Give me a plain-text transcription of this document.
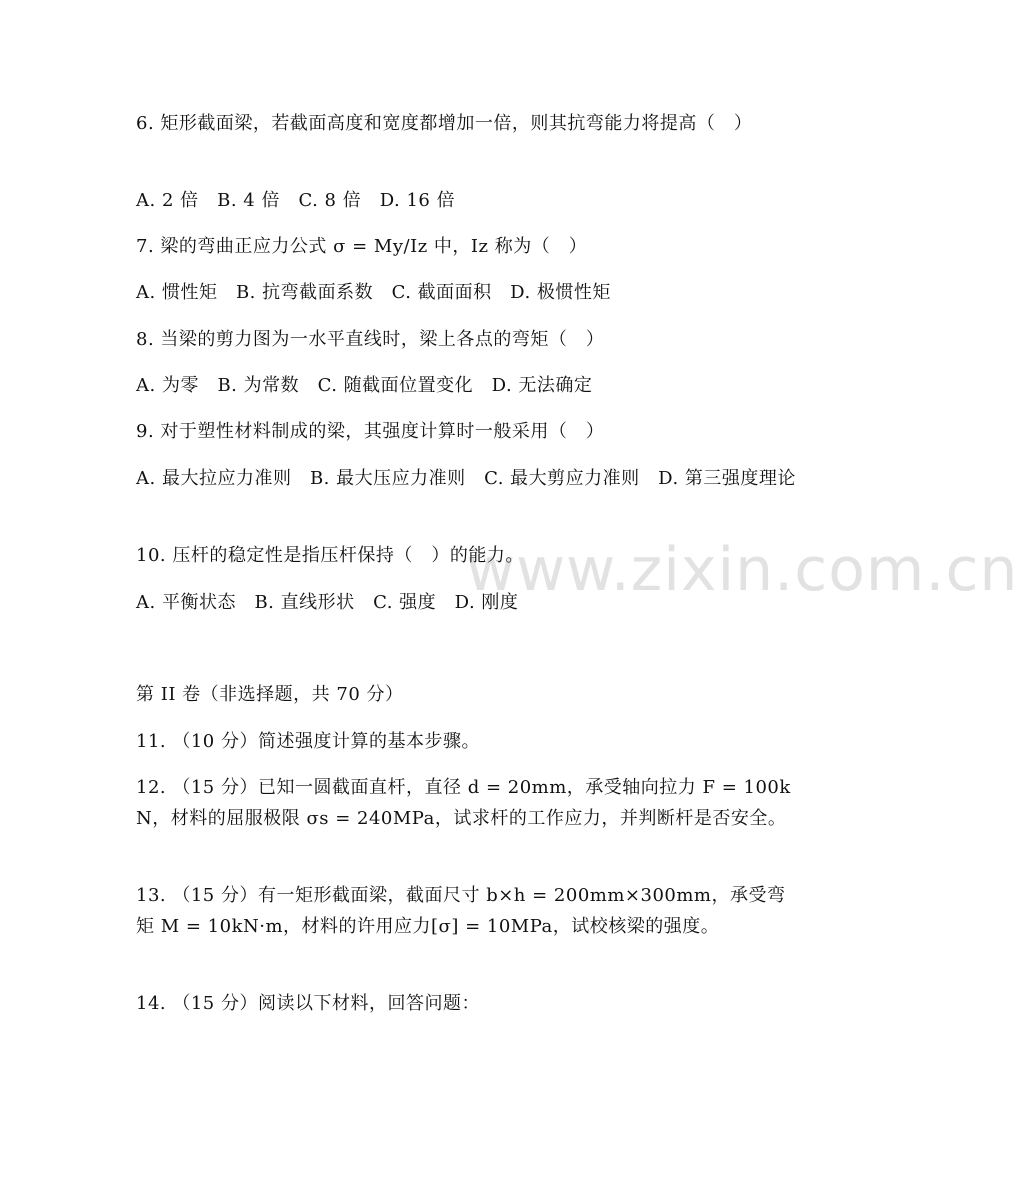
www.zixin.com.cn
6. 矩形截面梁，若截面高度和宽度都增加一倍，则其抗弯能力将提高（　）
A. 2 倍　B. 4 倍　C. 8 倍　D. 16 倍
7. 梁的弯曲正应力公式 σ = My/Iz 中，Iz 称为（　）
A. 惯性矩　B. 抗弯截面系数　C. 截面面积　D. 极惯性矩
8. 当梁的剪力图为一水平直线时，梁上各点的弯矩（　）
A. 为零　B. 为常数　C. 随截面位置变化　D. 无法确定
9. 对于塑性材料制成的梁，其强度计算时一般采用（　）
A. 最大拉应力准则　B. 最大压应力准则　C. 最大剪应力准则　D. 第三强度理论
10. 压杆的稳定性是指压杆保持（　）的能力。
A. 平衡状态　B. 直线形状　C. 强度　D. 刚度
第 II 卷（非选择题，共 70 分）
11. （10 分）简述强度计算的基本步骤。
12. （15 分）已知一圆截面直杆，直径 d = 20mm，承受轴向拉力 F = 100kN，材料的屈服极限 σs = 240MPa，试求杆的工作应力，并判断杆是否安全。
13. （15 分）有一矩形截面梁，截面尺寸 b×h = 200mm×300mm，承受弯矩 M = 10kN·m，材料的许用应力[σ] = 10MPa，试校核梁的强度。
14. （15 分）阅读以下材料，回答问题：
